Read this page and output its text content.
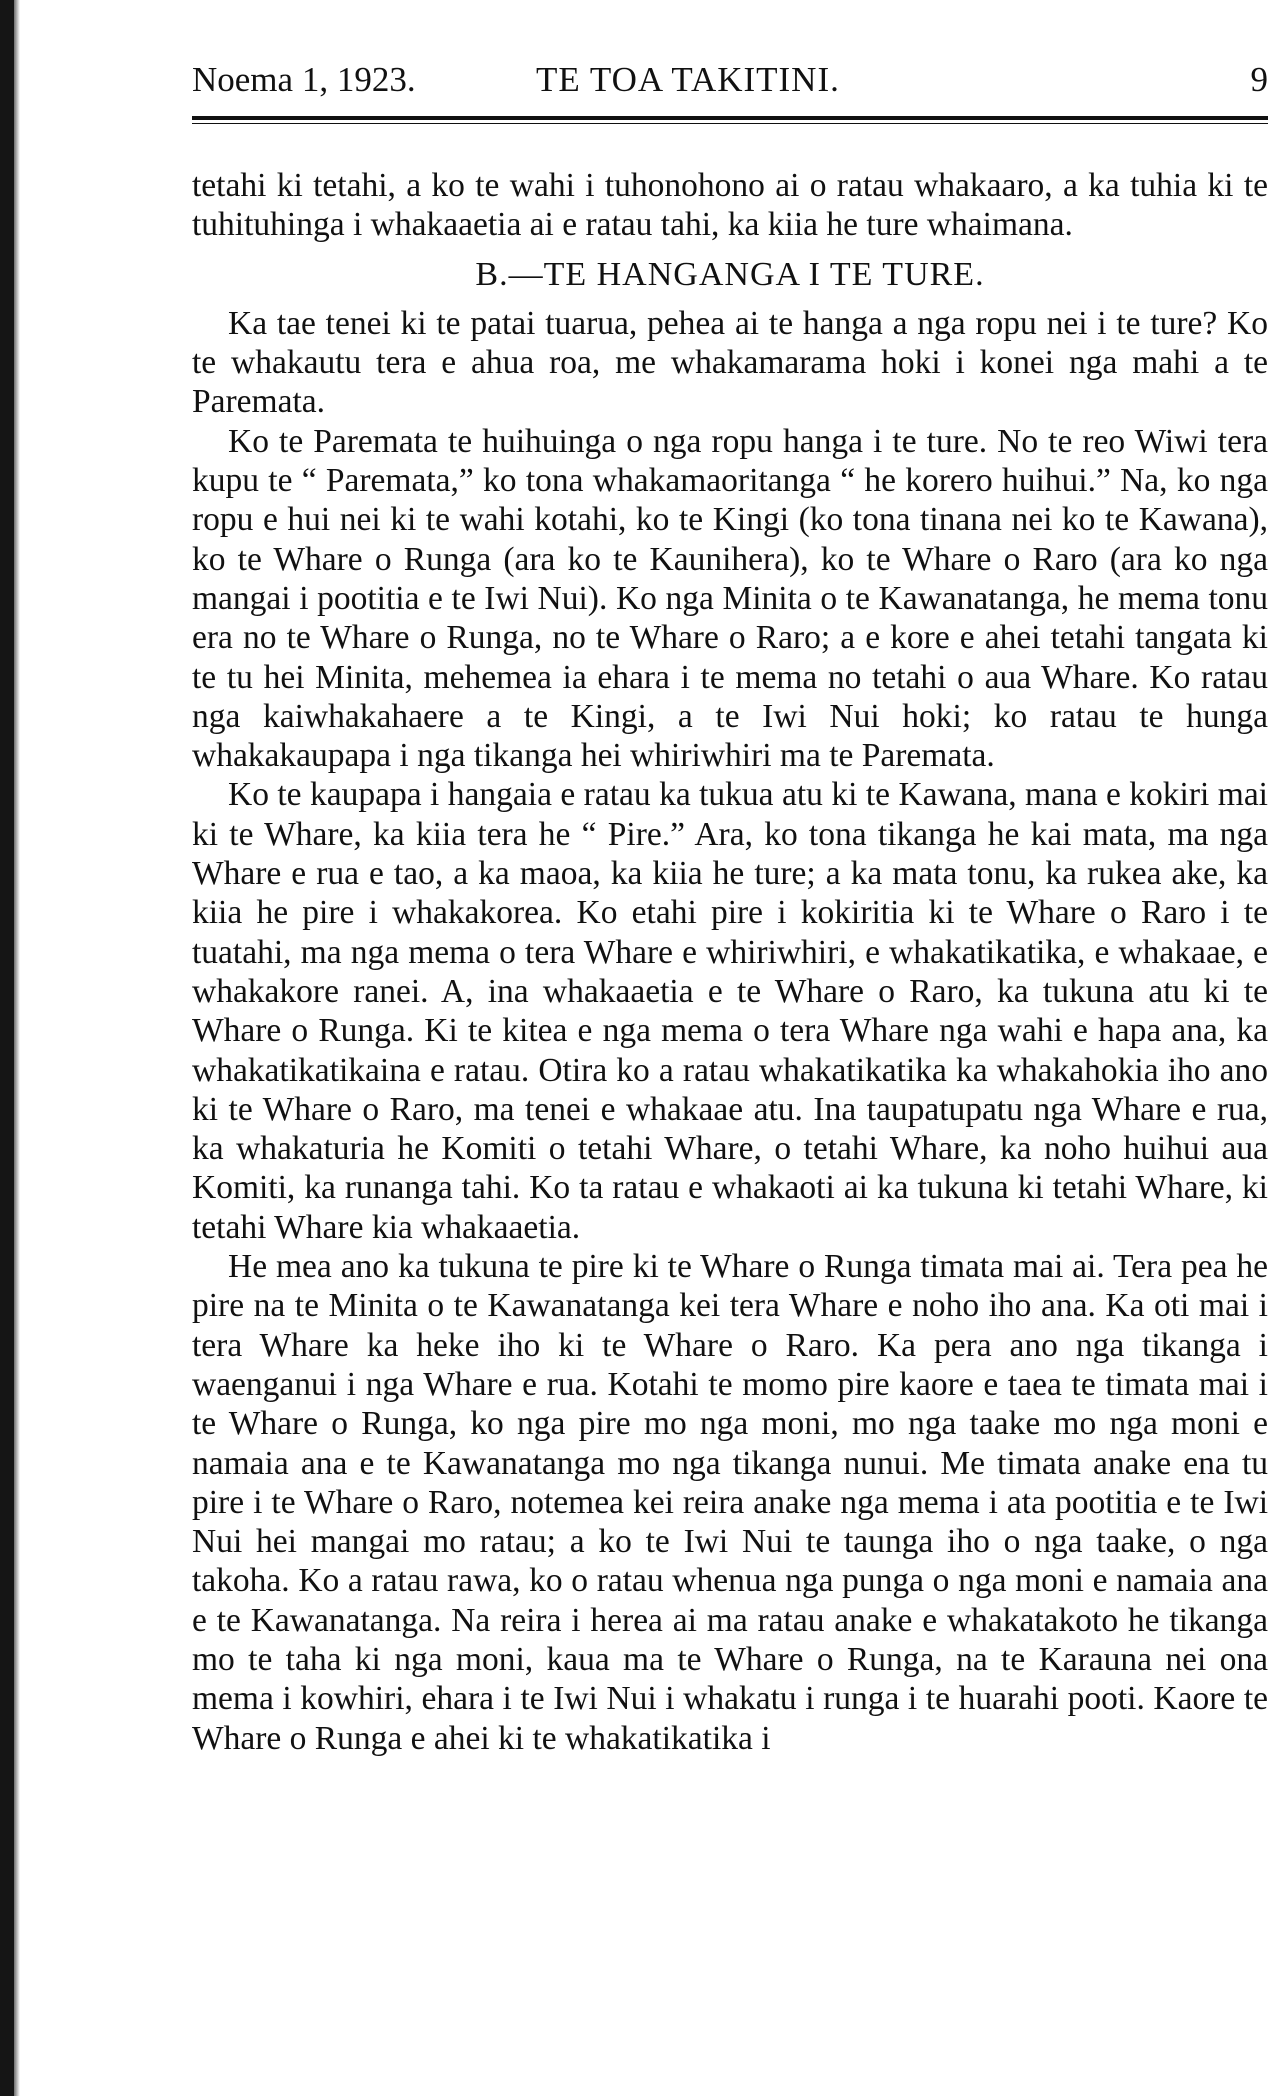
Noema 1, 1923.	TE TOA TAKITINI.	9

tetahi ki tetahi, a ko te wahi i tuhonohono ai o ratau whakaaro, a ka tuhia ki te tuhituhinga i whakaaetia ai e ratau tahi, ka kiia he ture whaimana.

B.—TE HANGANGA I TE TURE.

Ka tae tenei ki te patai tuarua, pehea ai te hanga a nga ropu nei i te ture? Ko te whakautu tera e ahua roa, me whakamarama hoki i konei nga mahi a te Paremata.

Ko te Paremata te huihuinga o nga ropu hanga i te ture. No te reo Wiwi tera kupu te “ Paremata,” ko tona whakamaoritanga “ he korero huihui.” Na, ko nga ropu e hui nei ki te wahi kotahi, ko te Kingi (ko tona tinana nei ko te Kawana), ko te Whare o Runga (ara ko te Kaunihera), ko te Whare o Raro (ara ko nga mangai i pootitia e te Iwi Nui). Ko nga Minita o te Kawanatanga, he mema tonu era no te Whare o Runga, no te Whare o Raro; a e kore e ahei tetahi tangata ki te tu hei Minita, mehemea ia ehara i te mema no tetahi o aua Whare. Ko ratau nga kaiwhakahaere a te Kingi, a te Iwi Nui hoki; ko ratau te hunga whakakaupapa i nga tikanga hei whiriwhiri ma te Paremata.

Ko te kaupapa i hangaia e ratau ka tukua atu ki te Kawana, mana e kokiri mai ki te Whare, ka kiia tera he “ Pire.” Ara, ko tona tikanga he kai mata, ma nga Whare e rua e tao, a ka maoa, ka kiia he ture; a ka mata tonu, ka rukea ake, ka kiia he pire i whakakorea. Ko etahi pire i kokiritia ki te Whare o Raro i te tuatahi, ma nga mema o tera Whare e whiriwhiri, e whakatikatika, e whakaae, e whakakore ranei. A, ina whakaaetia e te Whare o Raro, ka tukuna atu ki te Whare o Runga. Ki te kitea e nga mema o tera Whare nga wahi e hapa ana, ka whakatikatikaina e ratau. Otira ko a ratau whakatikatika ka whakahokia iho ano ki te Whare o Raro, ma tenei e whakaae atu. Ina taupatupatu nga Whare e rua, ka whakaturia he Komiti o tetahi Whare, o tetahi Whare, ka noho huihui aua Komiti, ka runanga tahi. Ko ta ratau e whakaoti ai ka tukuna ki tetahi Whare, ki tetahi Whare kia whakaaetia.

He mea ano ka tukuna te pire ki te Whare o Runga timata mai ai. Tera pea he pire na te Minita o te Kawanatanga kei tera Whare e noho iho ana. Ka oti mai i tera Whare ka heke iho ki te Whare o Raro. Ka pera ano nga tikanga i waenganui i nga Whare e rua. Kotahi te momo pire kaore e taea te timata mai i te Whare o Runga, ko nga pire mo nga moni, mo nga taake mo nga moni e namaia ana e te Kawanatanga mo nga tikanga nunui. Me timata anake ena tu pire i te Whare o Raro, notemea kei reira anake nga mema i ata pootitia e te Iwi Nui hei mangai mo ratau; a ko te Iwi Nui te taunga iho o nga taake, o nga takoha. Ko a ratau rawa, ko o ratau whenua nga punga o nga moni e namaia ana e te Kawanatanga. Na reira i herea ai ma ratau anake e whakatakoto he tikanga mo te taha ki nga moni, kaua ma te Whare o Runga, na te Karauna nei ona mema i kowhiri, ehara i te Iwi Nui i whakatu i runga i te huarahi pooti. Kaore te Whare o Runga e ahei ki te whakatikatika i
